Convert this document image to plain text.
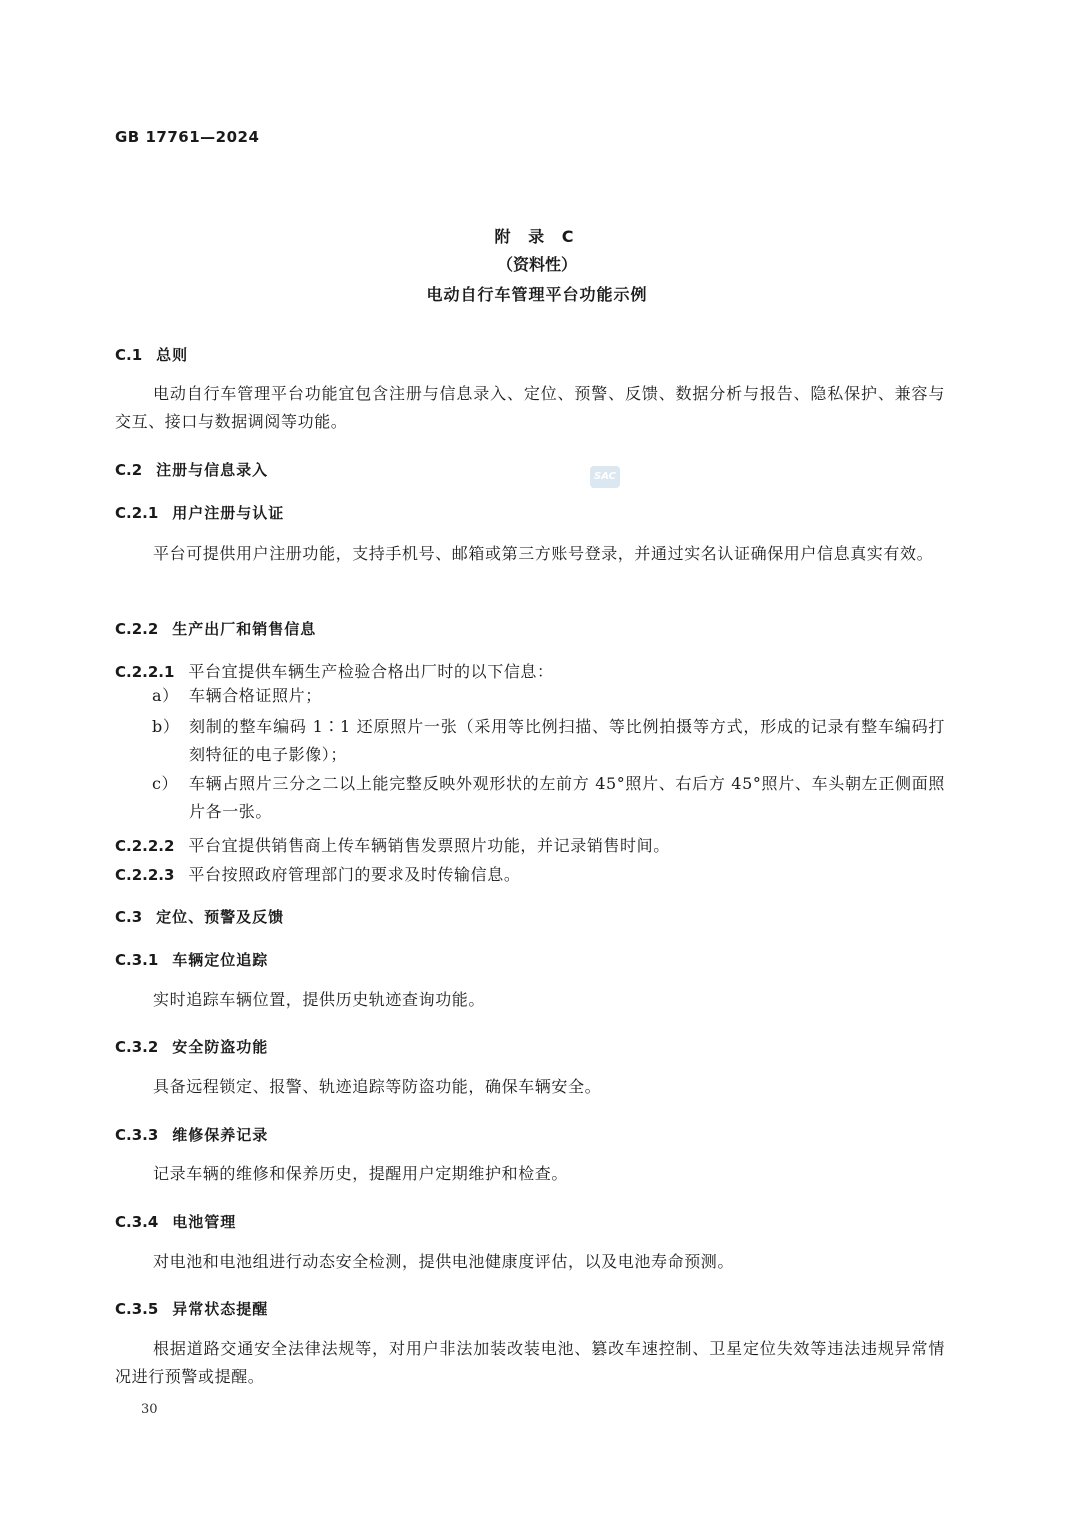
GB 17761—2024
附 录 C
（资料性）
电动自行车管理平台功能示例
C.1 总则
电动自行车管理平台功能宜包含注册与信息录入、定位、预警、反馈、数据分析与报告、隐私保护、兼容与交互、接口与数据调阅等功能。
C.2 注册与信息录入	SAC
C.2.1 用户注册与认证
平台可提供用户注册功能，支持手机号、邮箱或第三方账号登录，并通过实名认证确保用户信息真实有效。
C.2.2 生产出厂和销售信息
C.2.2.1 平台宜提供车辆生产检验合格出厂时的以下信息：
a） 车辆合格证照片；
b） 刻制的整车编码 1∶1 还原照片一张（采用等比例扫描、等比例拍摄等方式，形成的记录有整车编码打刻特征的电子影像）；
c） 车辆占照片三分之二以上能完整反映外观形状的左前方 45°照片、右后方 45°照片、车头朝左正侧面照片各一张。
C.2.2.2 平台宜提供销售商上传车辆销售发票照片功能，并记录销售时间。
C.2.2.3 平台按照政府管理部门的要求及时传输信息。
C.3 定位、预警及反馈
C.3.1 车辆定位追踪
实时追踪车辆位置，提供历史轨迹查询功能。
C.3.2 安全防盗功能
具备远程锁定、报警、轨迹追踪等防盗功能，确保车辆安全。
C.3.3 维修保养记录
记录车辆的维修和保养历史，提醒用户定期维护和检查。
C.3.4 电池管理
对电池和电池组进行动态安全检测，提供电池健康度评估，以及电池寿命预测。
C.3.5 异常状态提醒
根据道路交通安全法律法规等，对用户非法加装改装电池、篡改车速控制、卫星定位失效等违法违规异常情况进行预警或提醒。
30
